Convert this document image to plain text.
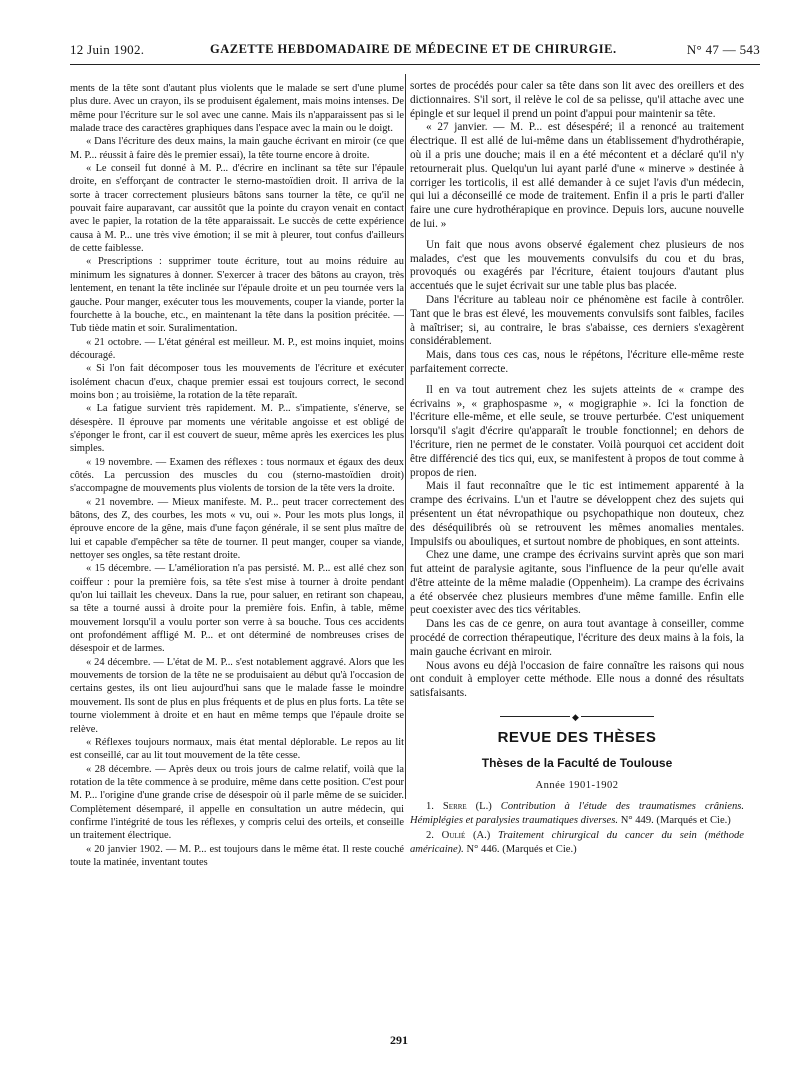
12 Juin 1902.	GAZETTE HEBDOMADAIRE DE MÉDECINE ET DE CHIRURGIE.	N° 47 — 543

ments de la tête sont d'autant plus violents que le malade se sert d'une plume plus dure. Avec un crayon, ils se produisent également, mais moins intenses. De même pour l'écriture sur le sol avec une canne. Mais ils n'apparaissent pas si le malade trace des caractères graphiques dans l'espace avec la main ou le doigt.

« Dans l'écriture des deux mains, la main gauche écrivant en miroir (ce que M. P... réussit à faire dès le premier essai), la tête tourne encore à droite.

« Le conseil fut donné à M. P... d'écrire en inclinant sa tête sur l'épaule droite, en s'efforçant de contracter le sterno-mastoïdien droit. Il arriva de la sorte à tracer correctement plusieurs bâtons sans tourner la tête, ce qu'il ne pouvait faire auparavant, car aussitôt que la pointe du crayon venait en contact avec le papier, la rotation de la tête apparaissait. Le succès de cette expérience causa à M. P... une très vive émotion; il se mit à pleurer, tout confus d'ailleurs de cette faiblesse.

« Prescriptions : supprimer toute écriture, tout au moins réduire au minimum les signatures à donner. S'exercer à tracer des bâtons au crayon, très lentement, en tenant la tête inclinée sur l'épaule droite et un peu tournée vers la gauche. Pour manger, exécuter tous les mouvements, couper la viande, porter la fourchette à la bouche, etc., en maintenant la tête dans la position précitée. — Tub tiède matin et soir. Suralimentation.

« 21 octobre. — L'état général est meilleur. M. P., est moins inquiet, moins découragé.

« Si l'on fait décomposer tous les mouvements de l'écriture et exécuter isolément chacun d'eux, chaque premier essai est toujours correct, le second moins bon ; au troisième, la rotation de la tête reparaît.

« La fatigue survient très rapidement. M. P... s'impatiente, s'énerve, se désespère. Il éprouve par moments une véritable angoisse et est obligé de s'éponger le front, car il est couvert de sueur, même après les exercices les plus simples.

« 19 novembre. — Examen des réflexes : tous normaux et égaux des deux côtés. La percussion des muscles du cou (sterno-mastoïdien droit) s'accompagne de mouvements plus violents de torsion de la tête vers la droite.

« 21 novembre. — Mieux manifeste. M. P... peut tracer correctement des bâtons, des Z, des courbes, les mots « vu, oui ». Pour les mots plus longs, il éprouve encore de la gêne, mais d'une façon générale, il se sent plus maître de lui et capable d'empêcher sa tête de tourner. Il peut manger, couper sa viande, nettoyer ses ongles, sa tête restant droite.

« 15 décembre. — L'amélioration n'a pas persisté. M. P... est allé chez son coiffeur : pour la première fois, sa tête s'est mise à tourner à droite pendant qu'on lui taillait les cheveux. Dans la rue, pour saluer, en retirant son chapeau, sa tête a tourné aussi à droite pour la première fois. Enfin, à table, même mouvement lorsqu'il a voulu porter son verre à sa bouche. Tous ces accidents ont profondément affligé M. P... et ont déterminé de nombreuses crises de désespoir et de larmes.

« 24 décembre. — L'état de M. P... s'est notablement aggravé. Alors que les mouvements de torsion de la tête ne se produisaient au début qu'à l'occasion de certains gestes, ils ont lieu aujourd'hui sans que le malade fasse le moindre mouvement. Ils sont de plus en plus fréquents et de plus en plus forts. La tête se tourne violemment à droite et en haut en même temps que l'épaule droite se relève.

« Réflexes toujours normaux, mais état mental déplorable. Le repos au lit est conseillé, car au lit tout mouvement de la tête cesse.

« 28 décembre. — Après deux ou trois jours de calme relatif, voilà que la rotation de la tête commence à se produire, même dans cette position. C'est pour M. P... l'origine d'une grande crise de désespoir où il parle même de se suicider. Complètement désemparé, il appelle en consultation un autre médecin, qui confirme l'intégrité de tous les réflexes, y compris celui des orteils, et conseille un traitement électrique.

« 20 janvier 1902. — M. P... est toujours dans le même état. Il reste couché toute la matinée, inventant toutes

sortes de procédés pour caler sa tête dans son lit avec des oreillers et des dictionnaires. S'il sort, il relève le col de sa pelisse, qu'il attache avec une épingle et sur lequel il prend un point d'appui pour maintenir sa tête.

« 27 janvier. — M. P... est désespéré; il a renoncé au traitement électrique. Il est allé de lui-même dans un établissement d'hydrothérapie, où il a pris une douche; mais il en a été mécontent et a déclaré qu'il n'y retournerait plus. Quelqu'un lui ayant parlé d'une « minerve » destinée à corriger les torticolis, il est allé demander à ce sujet l'avis d'un médecin, qui lui a déconseillé ce mode de traitement. Enfin il a pris le parti d'aller faire une cure hydrothérapique en province. Depuis lors, aucune nouvelle de lui. »

Un fait que nous avons observé également chez plusieurs de nos malades, c'est que les mouvements convulsifs du cou et du bras, provoqués ou exagérés par l'écriture, étaient toujours d'autant plus accentués que le sujet écrivait sur une table plus bas placée.

Dans l'écriture au tableau noir ce phénomène est facile à contrôler. Tant que le bras est élevé, les mouvements convulsifs sont faibles, faciles à maîtriser; si, au contraire, le bras s'abaisse, ces derniers s'exagèrent considérablement.

Mais, dans tous ces cas, nous le répétons, l'écriture elle-même reste parfaitement correcte.

Il en va tout autrement chez les sujets atteints de « crampe des écrivains », « graphospasme », « mogigraphie ». Ici la fonction de l'écriture elle-même, et elle seule, se trouve perturbée. C'est uniquement lorsqu'il s'agit d'écrire qu'apparaît le trouble fonctionnel; en dehors de l'écriture, rien ne permet de le constater. Voilà pourquoi cet accident doit être différencié des tics qui, eux, se manifestent à propos de tout comme à propos de rien.

Mais il faut reconnaître que le tic est intimement apparenté à la crampe des écrivains. L'un et l'autre se développent chez des sujets qui présentent un état névropathique ou psychopathique non douteux, chez des déséquilibrés où se retrouvent les mêmes anomalies mentales. Impulsifs ou abouliques, et surtout nombre de phobiques, en sont atteints.

Chez une dame, une crampe des écrivains survint après que son mari fut atteint de paralysie agitante, sous l'influence de la peur qu'elle avait d'être atteinte de la même maladie (Oppenheim). La crampe des écrivains a été observée chez plusieurs membres d'une même famille. Enfin elle peut coexister avec des tics véritables.

Dans les cas de ce genre, on aura tout avantage à conseiller, comme procédé de correction thérapeutique, l'écriture des deux mains à la fois, la main gauche écrivant en miroir.

Nous avons eu déjà l'occasion de faire connaître les raisons qui nous ont conduit à employer cette méthode. Elle nous a donné des résultats satisfaisants.

◆
REVUE DES THÈSES
Thèses de la Faculté de Toulouse
Année 1901-1902
1. Serre (L.) Contribution à l'étude des traumatismes crâniens. Hémiplégies et paralysies traumatiques diverses. N° 449. (Marqués et Cie.)
2. Oulié (A.) Traitement chirurgical du cancer du sein (méthode américaine). N° 446. (Marqués et Cie.)
291
